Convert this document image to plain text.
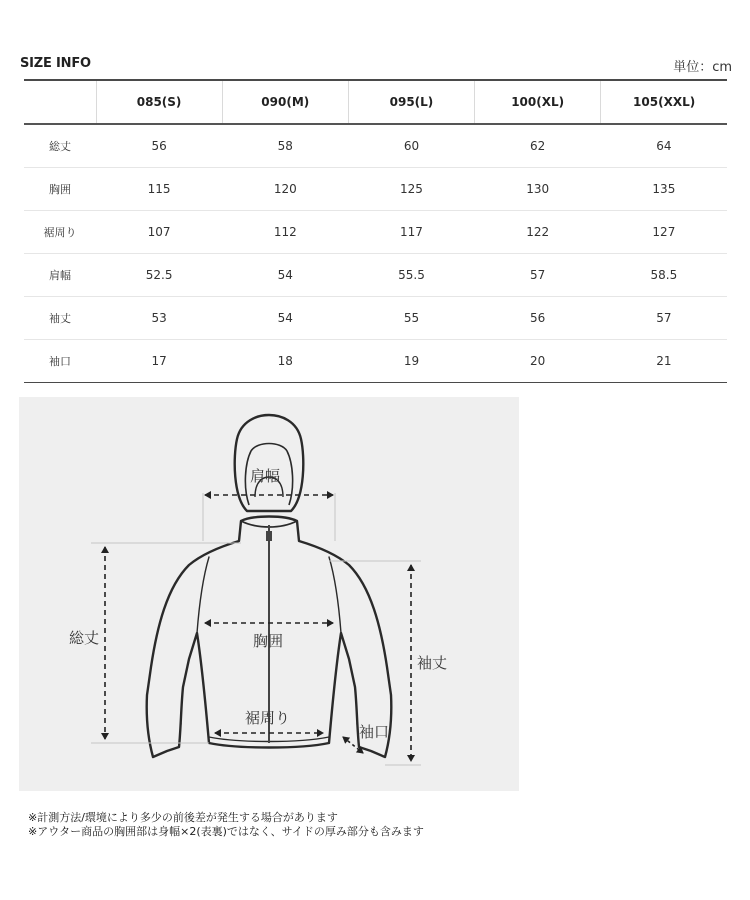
SIZE INFO	単位：cm
	085(S)	090(M)	095(L)	100(XL)	105(XXL)
総丈	56	58	60	62	64
胸囲	115	120	125	130	135
裾周り	107	112	117	122	127
肩幅	52.5	54	55.5	57	58.5
袖丈	53	54	55	56	57
袖口	17	18	19	20	21
肩幅
総丈	胸囲
袖丈
裾周り
袖口
※計測方法/環境により多少の前後差が発生する場合があります
※アウター商品の胸囲部は身幅×2(表裏)ではなく、サイドの厚み部分も含みます
